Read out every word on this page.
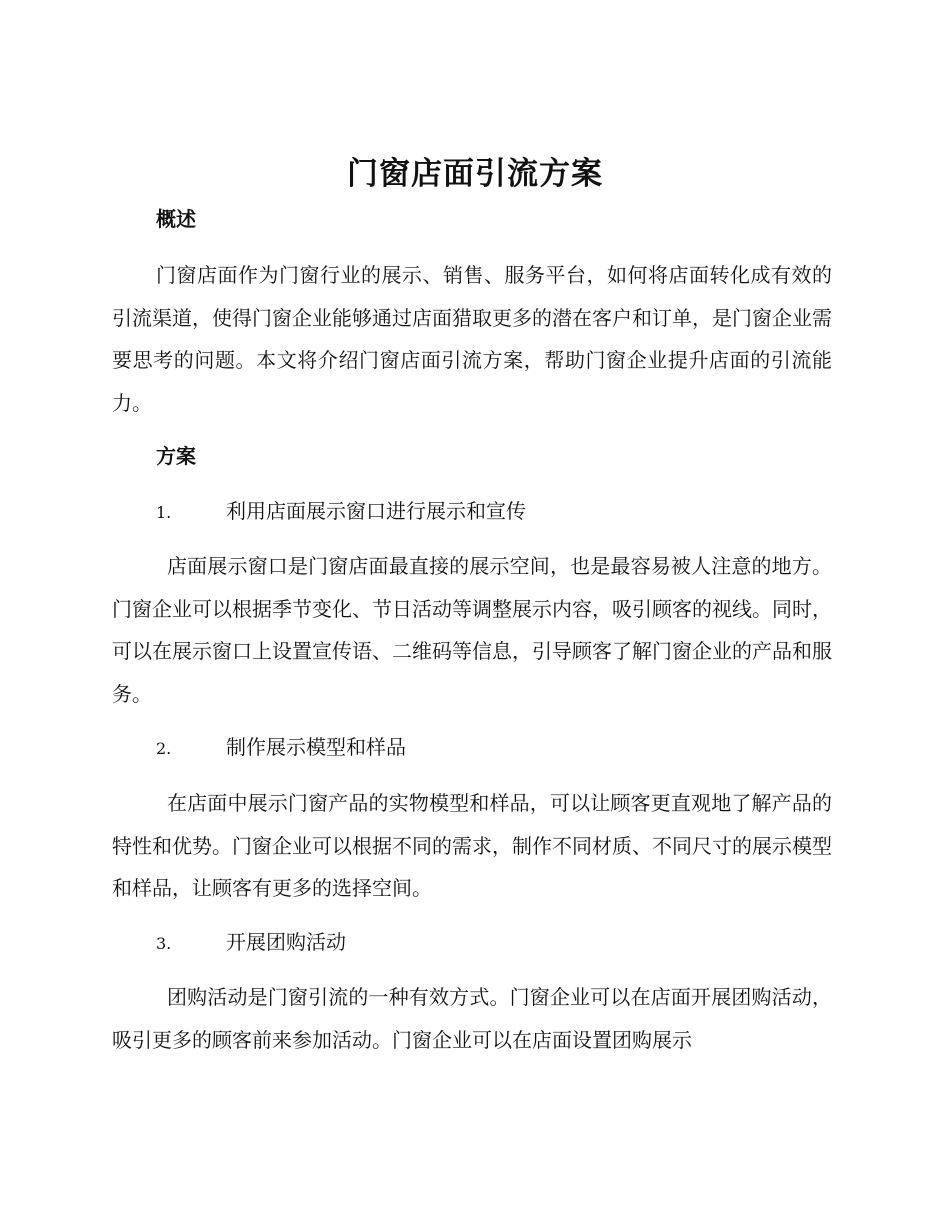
门窗店面引流方案
概述

门窗店面作为门窗行业的展示、销售、服务平台，如何将店面转化成有效的引流渠道，使得门窗企业能够通过店面猎取更多的潜在客户和订单，是门窗企业需要思考的问题。本文将介绍门窗店面引流方案，帮助门窗企业提升店面的引流能力。

方案
1.	利用店面展示窗口进行展示和宣传

店面展示窗口是门窗店面最直接的展示空间，也是最容易被人注意的地方。门窗企业可以根据季节变化、节日活动等调整展示内容，吸引顾客的视线。同时，可以在展示窗口上设置宣传语、二维码等信息，引导顾客了解门窗企业的产品和服务。

2.	制作展示模型和样品

在店面中展示门窗产品的实物模型和样品，可以让顾客更直观地了解产品的特性和优势。门窗企业可以根据不同的需求，制作不同材质、不同尺寸的展示模型和样品，让顾客有更多的选择空间。

3.	开展团购活动

团购活动是门窗引流的一种有效方式。门窗企业可以在店面开展团购活动，吸引更多的顾客前来参加活动。门窗企业可以在店面设置团购展示
